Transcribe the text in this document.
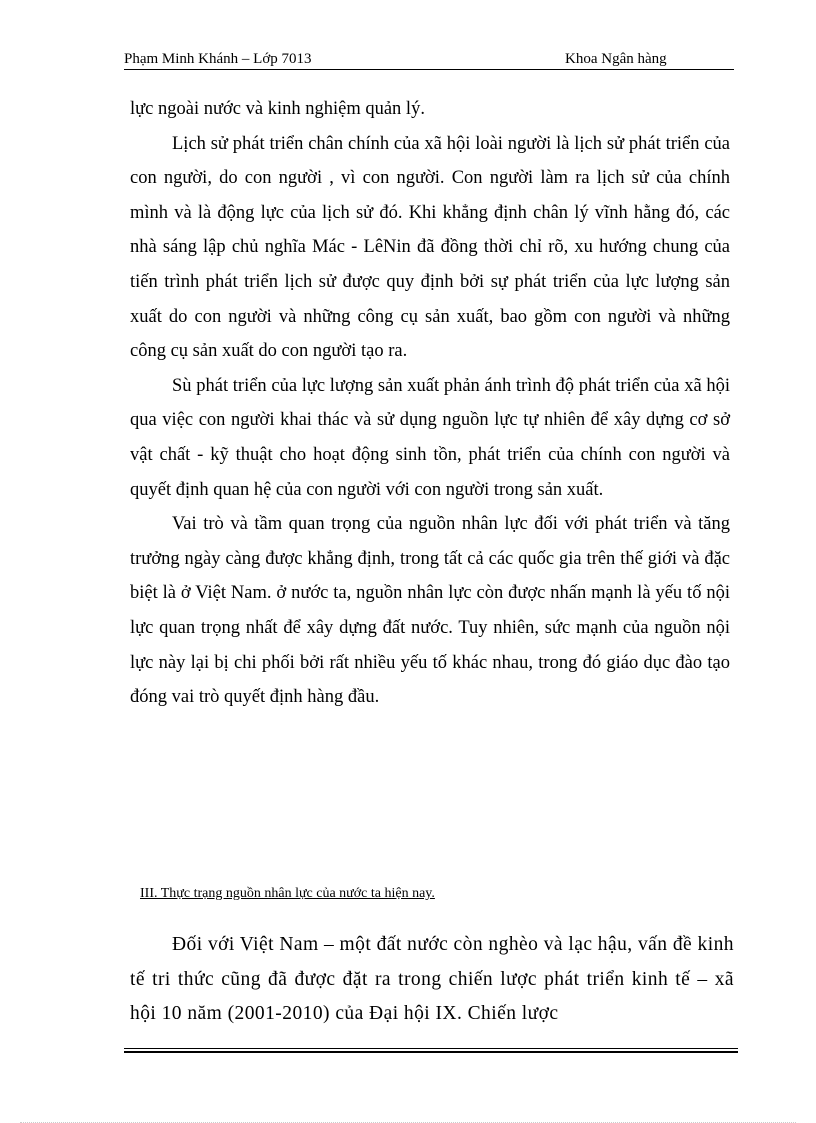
Phạm Minh Khánh – Lớp 7013	Khoa Ngân hàng

lực ngoài nước và kinh nghiệm quản lý.

Lịch sử phát triển chân chính của xã hội loài người là lịch sử phát triển của con người, do con người , vì con người. Con người làm ra lịch sử của chính mình và là động lực của lịch sử đó. Khi khẳng định chân lý vĩnh hằng đó, các nhà sáng lập chủ nghĩa Mác - LêNin đã đồng thời chỉ rõ, xu hướng chung của tiến trình phát triển lịch sử được quy định bởi sự phát triển của lực lượng sản xuất do con người và những công cụ sản xuất, bao gồm con người và những công cụ sản xuất do con người tạo ra.

Sù phát triển của lực lượng sản xuất phản ánh trình độ phát triển của xã hội qua việc con người khai thác và sử dụng nguồn lực tự nhiên để xây dựng cơ sở vật chất - kỹ thuật cho hoạt động sinh tồn, phát triển của chính con người và quyết định quan hệ của con người với con người trong sản xuất.

Vai trò và tầm quan trọng của nguồn nhân lực đối với phát triển và tăng trưởng ngày càng được khẳng định, trong tất cả các quốc gia trên thế giới và đặc biệt là ở Việt Nam. ở nước ta, nguồn nhân lực còn được nhấn mạnh là yếu tố nội lực quan trọng nhất để xây dựng đất nước. Tuy nhiên, sức mạnh của nguồn nội lực này lại bị chi phối bởi rất nhiều yếu tố khác nhau, trong đó giáo dục đào tạo đóng vai trò quyết định hàng đầu.

III. Thực trạng nguồn nhân lực của nước ta hiện nay.

Đối với Việt Nam – một đất nước còn nghèo và lạc hậu, vấn đề kinh tế tri thức cũng đã được đặt ra trong chiến lược phát triển kinh tế – xã hội 10 năm (2001-2010) của Đại hội IX. Chiến lược
